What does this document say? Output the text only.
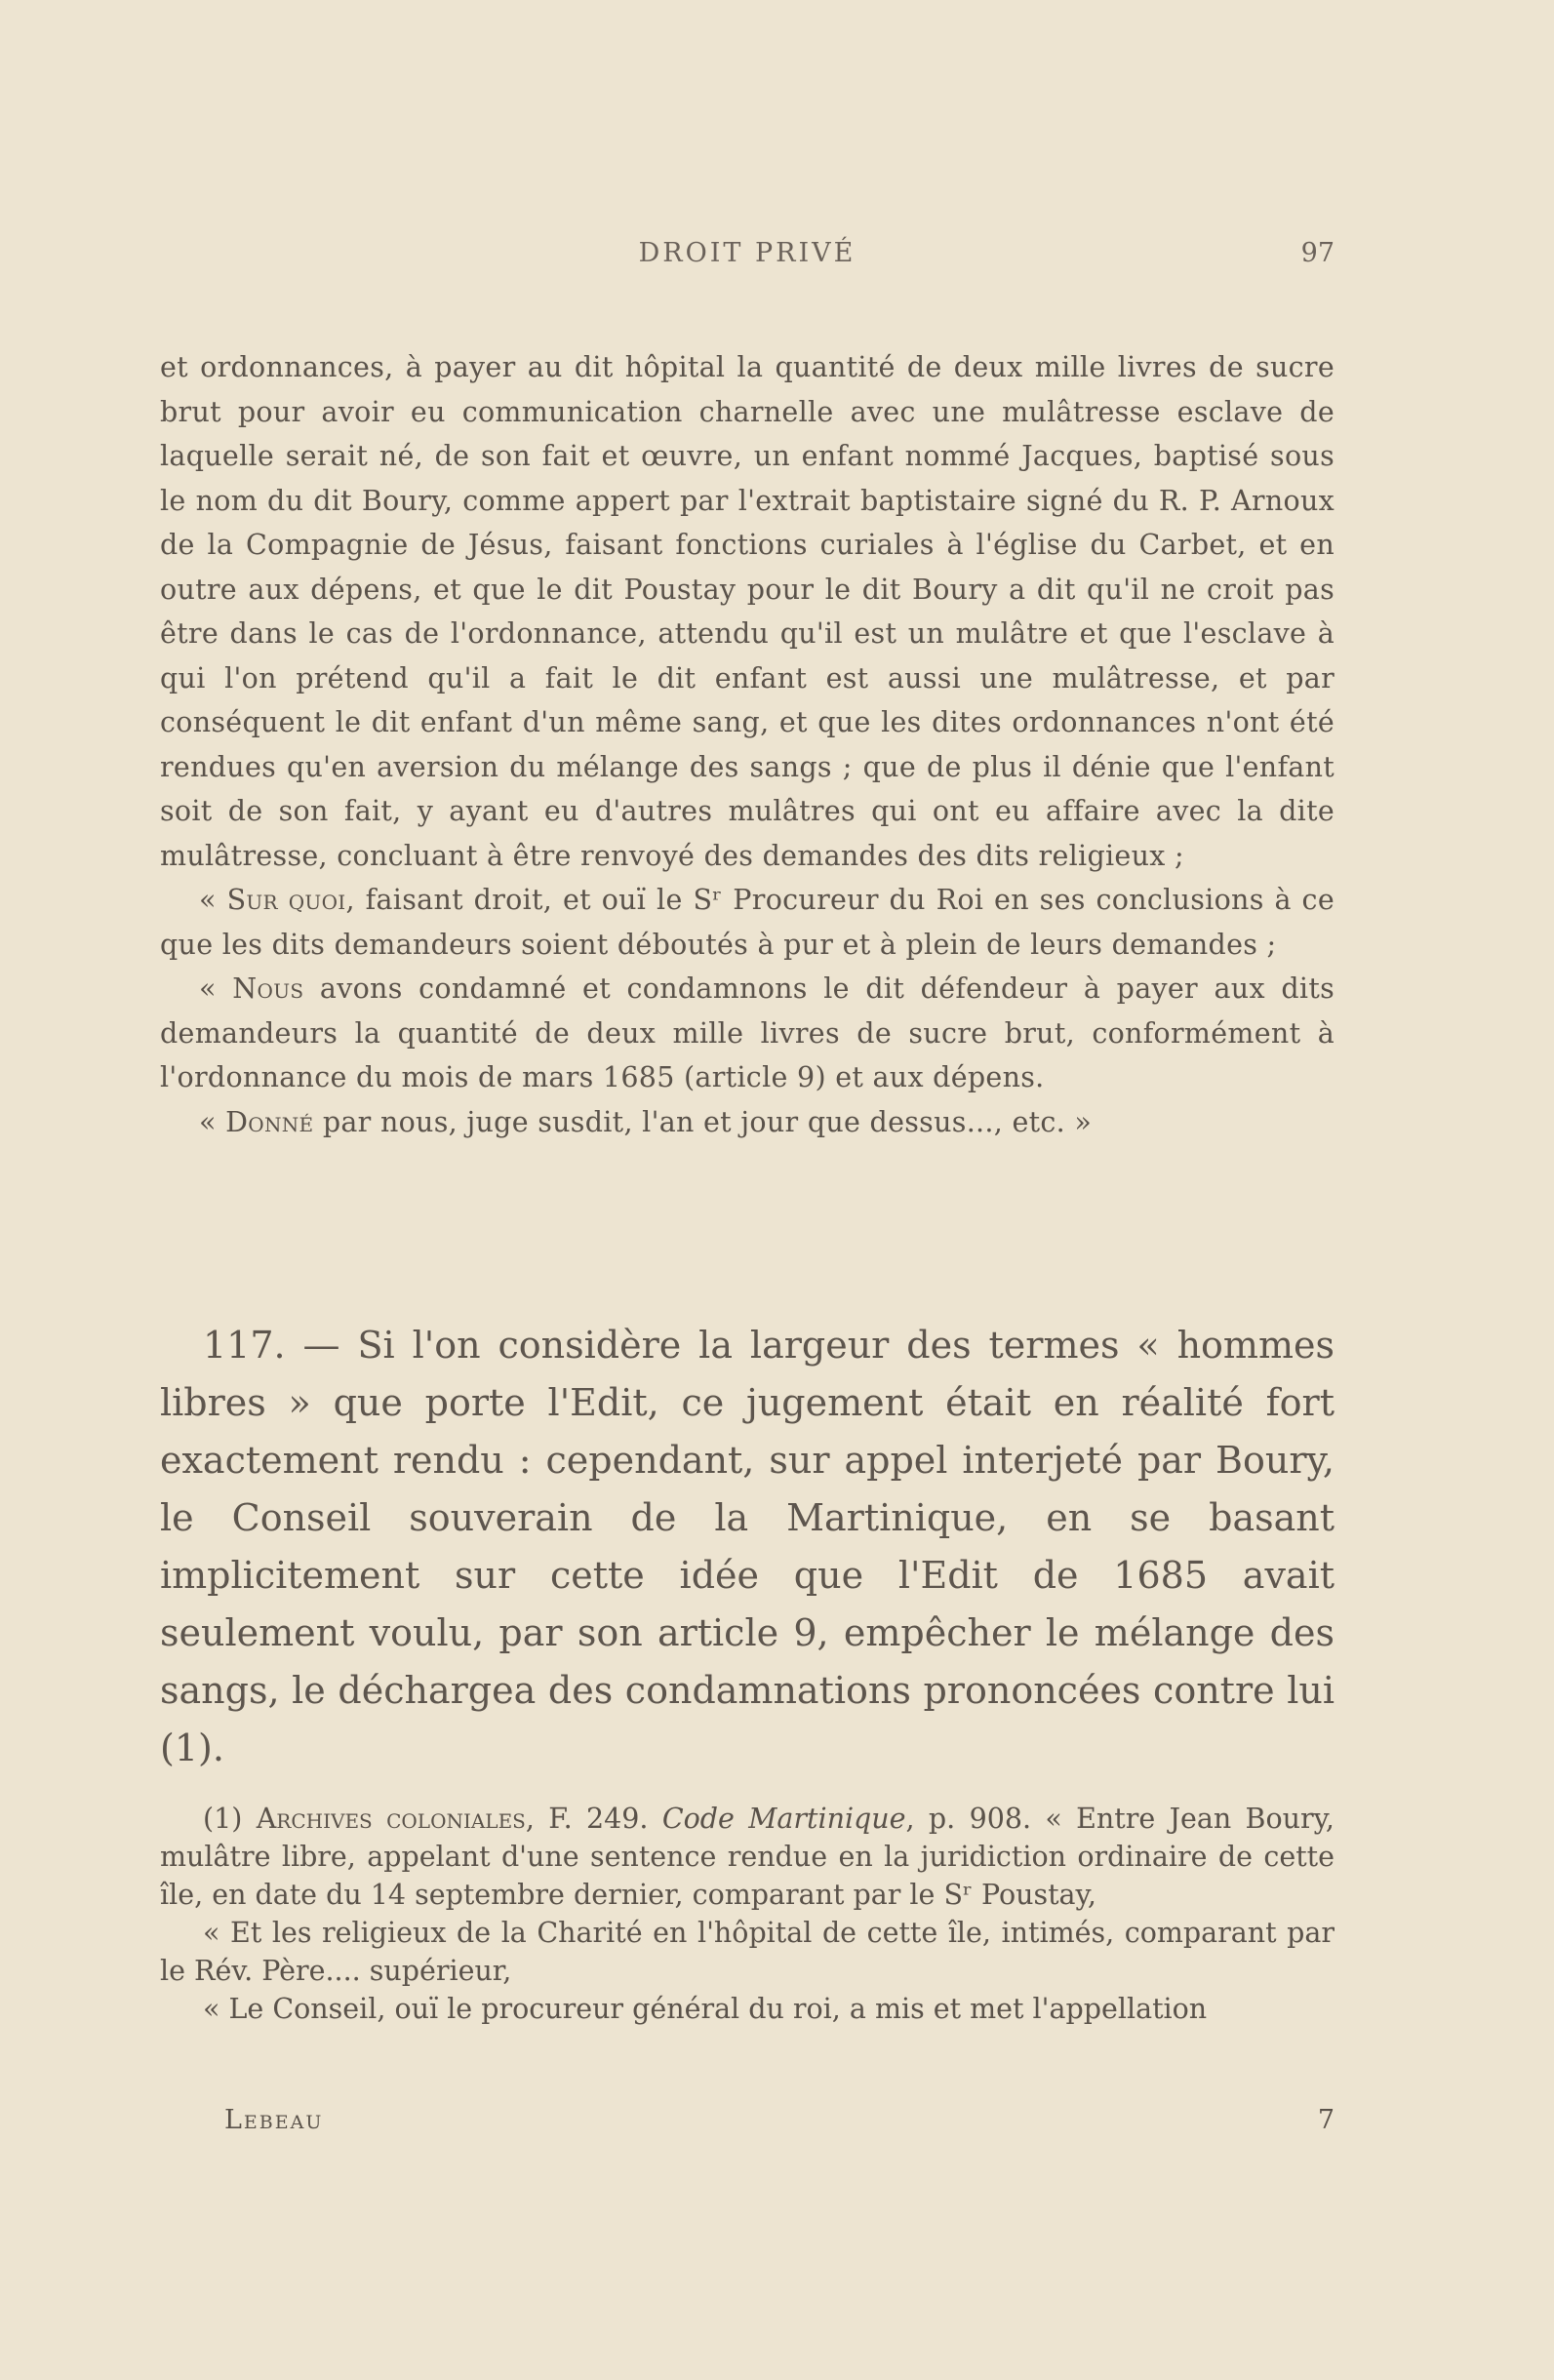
DROIT PRIVÉ	97

et ordonnances, à payer au dit hôpital la quantité de deux mille livres de sucre brut pour avoir eu communication charnelle avec une mulâtresse esclave de laquelle serait né, de son fait et œuvre, un enfant nommé Jacques, baptisé sous le nom du dit Boury, comme appert par l'extrait baptistaire signé du R. P. Arnoux de la Compagnie de Jésus, faisant fonctions curiales à l'église du Carbet, et en outre aux dépens, et que le dit Poustay pour le dit Boury a dit qu'il ne croit pas être dans le cas de l'ordonnance, attendu qu'il est un mulâtre et que l'esclave à qui l'on prétend qu'il a fait le dit enfant est aussi une mulâtresse, et par conséquent le dit enfant d'un même sang, et que les dites ordonnances n'ont été rendues qu'en aversion du mélange des sangs ; que de plus il dénie que l'enfant soit de son fait, y ayant eu d'autres mulâtres qui ont eu affaire avec la dite mulâtresse, concluant à être renvoyé des demandes des dits religieux ;

« Sur quoi, faisant droit, et ouï le Sʳ Procureur du Roi en ses conclusions à ce que les dits demandeurs soient déboutés à pur et à plein de leurs demandes ;

« Nous avons condamné et condamnons le dit défendeur à payer aux dits demandeurs la quantité de deux mille livres de sucre brut, conformément à l'ordonnance du mois de mars 1685 (article 9) et aux dépens.

« Donné par nous, juge susdit, l'an et jour que dessus..., etc. »

117. — Si l'on considère la largeur des termes « hommes libres » que porte l'Edit, ce jugement était en réalité fort exactement rendu : cependant, sur appel interjeté par Boury, le Conseil souverain de la Martinique, en se basant implicitement sur cette idée que l'Edit de 1685 avait seulement voulu, par son article 9, empêcher le mélange des sangs, le déchargea des condamnations prononcées contre lui (1).

(1) Archives coloniales, F. 249. Code Martinique, p. 908. « Entre Jean Boury, mulâtre libre, appelant d'une sentence rendue en la juridiction ordinaire de cette île, en date du 14 septembre dernier, comparant par le Sʳ Poustay,

« Et les religieux de la Charité en l'hôpital de cette île, intimés, comparant par le Rév. Père.... supérieur,

« Le Conseil, ouï le procureur général du roi, a mis et met l'appellation

Lebeau	7
